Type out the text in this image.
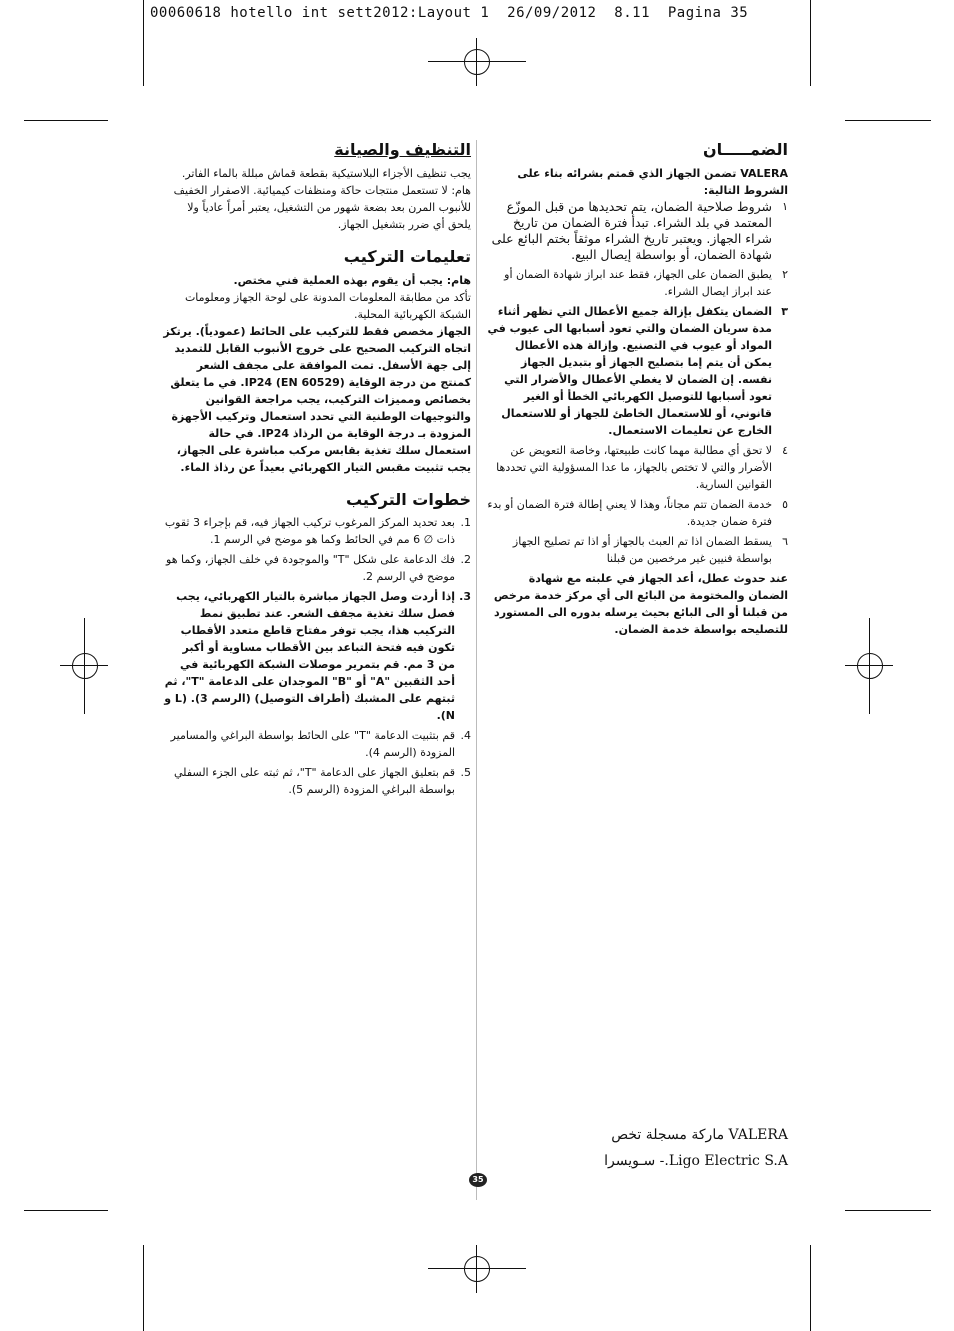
00060618 hotello int sett2012:Layout 1  26/09/2012  8.11  Pagina 35
التنظيف والصيانة

يجب تنظيف الأجزاء البلاستيكية بقطعة قماش مبللة بالماء الفاتر. هام: لا تستعمل منتجات حاكة ومنظفات كيميائية. الاصفرار الخفيف للأنبوب المرن بعد بضعة شهور من التشغيل، يعتبر أمراً عادياً ولا يلحق أي ضرر بتشغيل الجهاز.

تعليمات التركيب

هام: يجب أن يقوم بهذه العملية فني مختص.

تأكد من مطابقة المعلومات المدونة على لوحة الجهاز ومعلومات الشبكة الكهربائية المحلية.

الجهاز مخصص فقط للتركيب على الحائط (عمودياً). يرتكز اتجاه التركيب الصحيح على خروج الأنبوب القابل للتمديد إلى جهة الأسفل. تمت الموافقة على مجفف الشعر كمنتج من درجة الوقاية IP24 (EN 60529). في ما يتعلق بخصائص ومميزات التركيب، يجب مراجعة القوانين والتوجيهات الوطنية التي تحدد استعمال وتركيب الأجهزة المزودة بـ درجة الوقاية من الرذاذ IP24. في حالة استعمال سلك تغذية بقابس مركب مباشرة على الجهاز، يجب تثبيت مقبس التيار الكهربائي بعيداً عن رذاذ الماء.

خطوات التركيب
1.
بعد تحديد المركز المرغوب تركيب الجهاز فيه، قم بإجراء 3 ثقوب ذات ∅ 6 مم في الحائط وكما هو موضح في الرسم 1.
2.
فك الدعامة على شكل "T" والموجودة في خلف الجهاز، وكما هو موضح في الرسم 2.
3.
إذا أردت وصل الجهاز مباشرة بالتيار الكهربائي، يجب فصل سلك تغذية مجفف الشعر. عند تطبيق نمط التركيب هذا، يجب توفر مفتاح قاطع متعدد الأقطاب تكون فيه فتحة التباعد بين الأقطاب مساوية أو أكبر من 3 مم. قم بتمرير موصلات الشبكة الكهربائية في أحد الثقبين "A" أو "B" الموجدان على الدعامة "T"، ثم ثبتهم على المشبك (أطراف التوصيل) (الرسم 3). (L و N).
4.
قم بتثبيت الدعامة "T" على الحائط بواسطة البراغي والمسامير المزودة (الرسم 4).
5.
قم بتعليق الجهاز على الدعامة "T"، ثم ثبته على الجزء السفلي بواسطة البراغي المزودة (الرسم 5).
الضمـــــان

VALERA تضمن الجهاز الذي قمتم بشرائه بناء على الشروط التالية:

١
شروط صلاحية الضمان، يتم تحديدها من قبل الموزّع المعتمد في بلد الشراء. تبدأ فترة الضمان من تاريخ شراء الجهاز. ويعتبر تاريخ الشراء موثقاً بختم البائع على شهادة الضمان، أو بواسطة إيصال البيع.
٢
يطبق الضمان على الجهاز، فقط عند ابراز شهادة الضمان أو عند ابراز ايصال الشراء.
٣
الضمان يتكفل بإزالة جميع الأعطال التي تظهر أثناء مدة سريان الضمان والتي تعود أسبابها الى عيوب في المواد أو عيوب في التصنيع. وإزالة هذه الأعطال يمكن أن يتم إما بتصليح الجهاز أو بتبديل الجهاز نفسه. إن الضمان لا يغطي الأعطال والأضرار التي تعود أسبابها للتوصيل الكهربائي الخطأ أو الغير قانوني، أو للاستعمال الخاطئ للجهاز أو للاستعمال الخارج عن تعليمات الاستعمال.
٤
لا تحق أي مطالبة مهما كانت طبيعتها، وخاصة التعويض عن الأضرار والتي لا تختص بالجهاز، ما عدا المسؤولية التي تحددها القوانين السارية.
٥
خدمة الضمان تتم مجاناً، وهذا لا يعني إطالة فترة الضمان أو بدء فترة ضمان جديدة.
٦
يسقط الضمان اذا تم العبث بالجهاز أو اذا تم تصليح الجهاز بواسطة فنيين غير مرخصين من قبلنا

عند حدوث عطل، أعد الجهاز في علبته مع شهادة الضمان والمختومة من البائع الى أي مركز خدمة مرخص من قبلنا أو الى البائع بحيث يرسله بدوره الى المستورد للتصليحه بواسطة خدمة الضمان.

VALERA ماركة مسجلة تخص
Ligo Electric S.A.- سـويسرا
35
